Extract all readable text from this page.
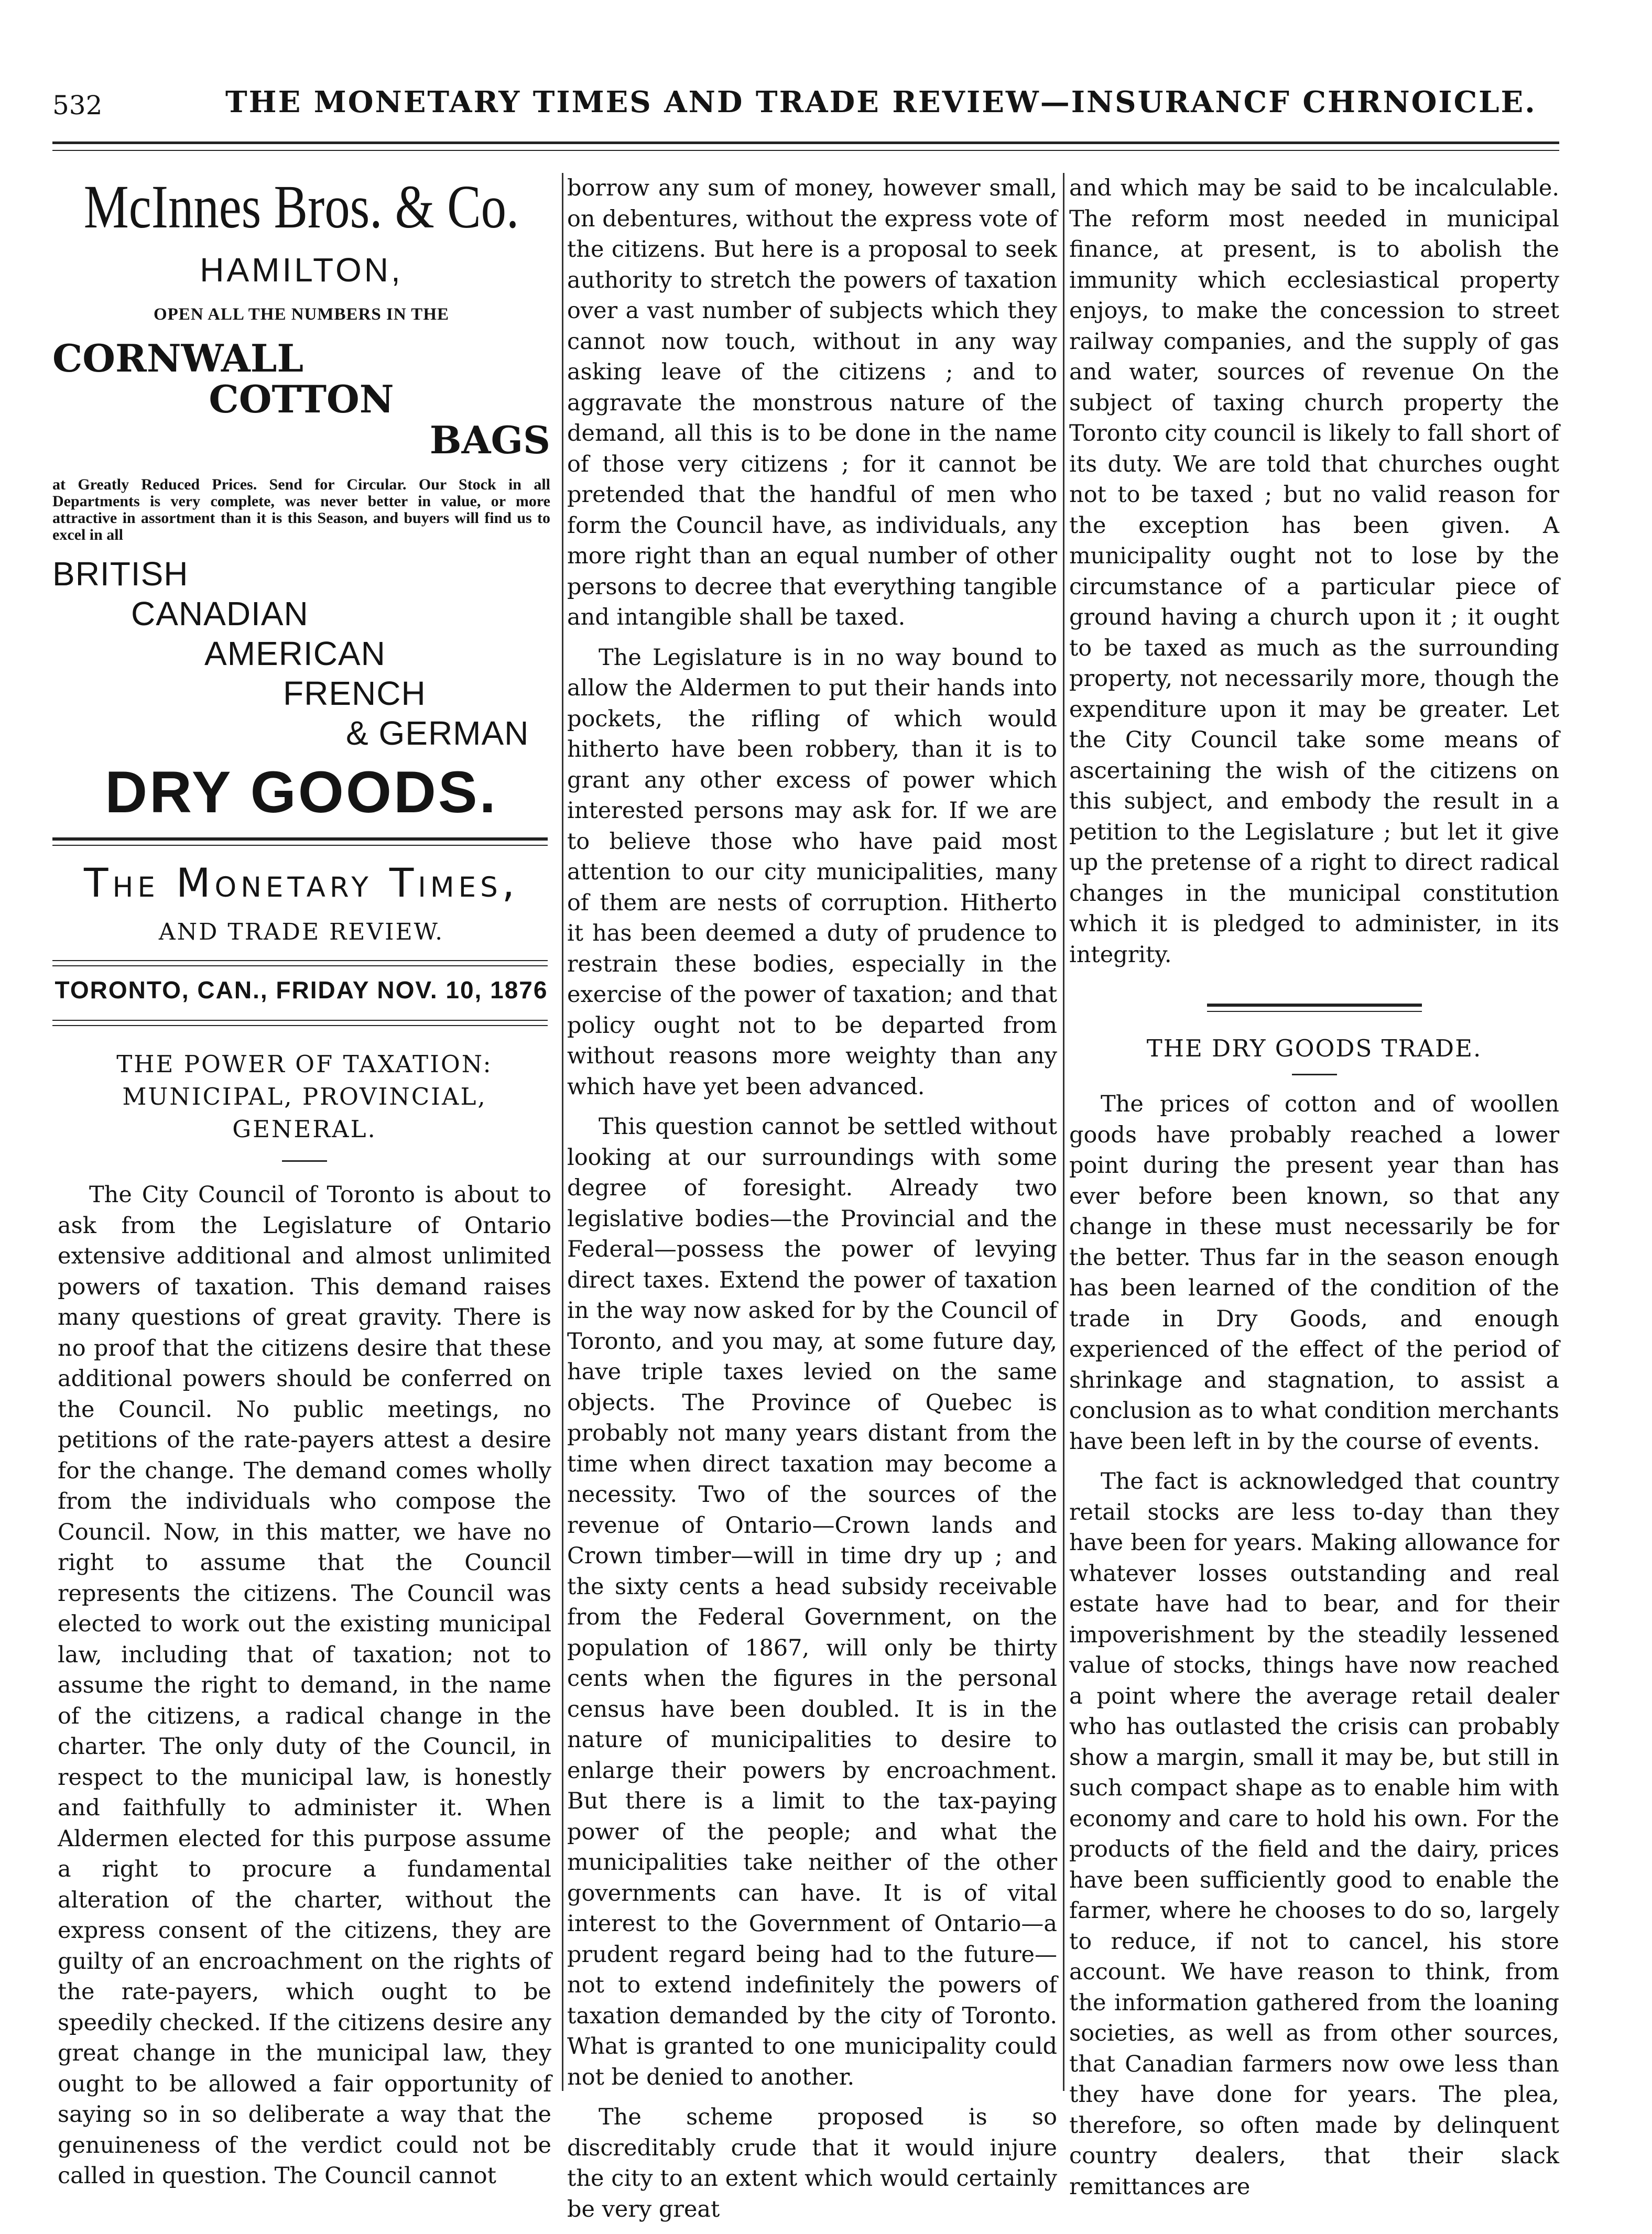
532	THE MONETARY TIMES AND TRADE REVIEW—INSURANCF CHRNOICLE.
McInnes Bros. & Co.
HAMILTON,
OPEN ALL THE NUMBERS IN THE
CORNWALL
COTTON
BAGS
at Greatly Reduced Prices. Send for Circular. Our Stock in all Departments is very complete, was never better in value, or more attractive in assortment than it is this Season, and buyers will find us to excel in all
BRITISH
CANADIAN
AMERICAN
FRENCH
& GERMAN
DRY GOODS.
The Monetary Times,
AND TRADE REVIEW.
TORONTO, CAN., FRIDAY NOV. 10, 1876
THE POWER OF TAXATION: MUNICIPAL, PROVINCIAL, GENERAL.

The City Council of Toronto is about to ask from the Legislature of Ontario extensive additional and almost unlimited powers of taxation. This demand raises many questions of great gravity. There is no proof that the citizens desire that these additional powers should be conferred on the Council. No public meetings, no petitions of the rate-payers attest a desire for the change. The demand comes wholly from the individuals who compose the Council. Now, in this matter, we have no right to assume that the Council represents the citizens. The Council was elected to work out the existing municipal law, including that of taxation; not to assume the right to demand, in the name of the citizens, a radical change in the charter. The only duty of the Council, in respect to the municipal law, is honestly and faithfully to administer it. When Aldermen elected for this purpose assume a right to procure a fundamental alteration of the charter, without the express consent of the citizens, they are guilty of an encroachment on the rights of the rate-payers, which ought to be speedily checked. If the citizens desire any great change in the municipal law, they ought to be allowed a fair opportunity of saying so in so deliberate a way that the genuineness of the verdict could not be called in question. The Council cannot

borrow any sum of money, however small, on debentures, without the express vote of the citizens. But here is a proposal to seek authority to stretch the powers of taxation over a vast number of subjects which they cannot now touch, without in any way asking leave of the citizens ; and to aggravate the monstrous nature of the demand, all this is to be done in the name of those very citizens ; for it cannot be pretended that the handful of men who form the Council have, as individuals, any more right than an equal number of other persons to decree that everything tangible and intangible shall be taxed.

The Legislature is in no way bound to allow the Aldermen to put their hands into pockets, the rifling of which would hitherto have been robbery, than it is to grant any other excess of power which interested persons may ask for. If we are to believe those who have paid most attention to our city municipalities, many of them are nests of corruption. Hitherto it has been deemed a duty of prudence to restrain these bodies, especially in the exercise of the power of taxation; and that policy ought not to be departed from without reasons more weighty than any which have yet been advanced.

This question cannot be settled without looking at our surroundings with some degree of foresight. Already two legislative bodies—the Provincial and the Federal—possess the power of levying direct taxes. Extend the power of taxation in the way now asked for by the Council of Toronto, and you may, at some future day, have triple taxes levied on the same objects. The Province of Quebec is probably not many years distant from the time when direct taxation may become a necessity. Two of the sources of the revenue of Ontario—Crown lands and Crown timber—will in time dry up ; and the sixty cents a head subsidy receivable from the Federal Government, on the population of 1867, will only be thirty cents when the figures in the personal census have been doubled. It is in the nature of municipalities to desire to enlarge their powers by encroachment. But there is a limit to the tax-paying power of the people; and what the municipalities take neither of the other governments can have. It is of vital interest to the Government of Ontario—a prudent regard being had to the future—not to extend indefinitely the powers of taxation demanded by the city of Toronto. What is granted to one municipality could not be denied to another.

The scheme proposed is so discreditably crude that it would injure the city to an extent which would certainly be very great

and which may be said to be incalculable. The reform most needed in municipal finance, at present, is to abolish the immunity which ecclesiastical property enjoys, to make the concession to street railway companies, and the supply of gas and water, sources of revenue On the subject of taxing church property the Toronto city council is likely to fall short of its duty. We are told that churches ought not to be taxed ; but no valid reason for the exception has been given. A municipality ought not to lose by the circumstance of a particular piece of ground having a church upon it ; it ought to be taxed as much as the surrounding property, not necessarily more, though the expenditure upon it may be greater. Let the City Council take some means of ascertaining the wish of the citizens on this subject, and embody the result in a petition to the Legislature ; but let it give up the pretense of a right to direct radical changes in the municipal constitution which it is pledged to administer, in its integrity.

THE DRY GOODS TRADE.

The prices of cotton and of woollen goods have probably reached a lower point during the present year than has ever before been known, so that any change in these must necessarily be for the better. Thus far in the season enough has been learned of the condition of the trade in Dry Goods, and enough experienced of the effect of the period of shrinkage and stagnation, to assist a conclusion as to what condition merchants have been left in by the course of events.

The fact is acknowledged that country retail stocks are less to-day than they have been for years. Making allowance for whatever losses outstanding and real estate have had to bear, and for their impoverishment by the steadily lessened value of stocks, things have now reached a point where the average retail dealer who has outlasted the crisis can probably show a margin, small it may be, but still in such compact shape as to enable him with economy and care to hold his own. For the products of the field and the dairy, prices have been sufficiently good to enable the farmer, where he chooses to do so, largely to reduce, if not to cancel, his store account. We have reason to think, from the information gathered from the loaning societies, as well as from other sources, that Canadian farmers now owe less than they have done for years. The plea, therefore, so often made by delinquent country dealers, that their slack remittances are
